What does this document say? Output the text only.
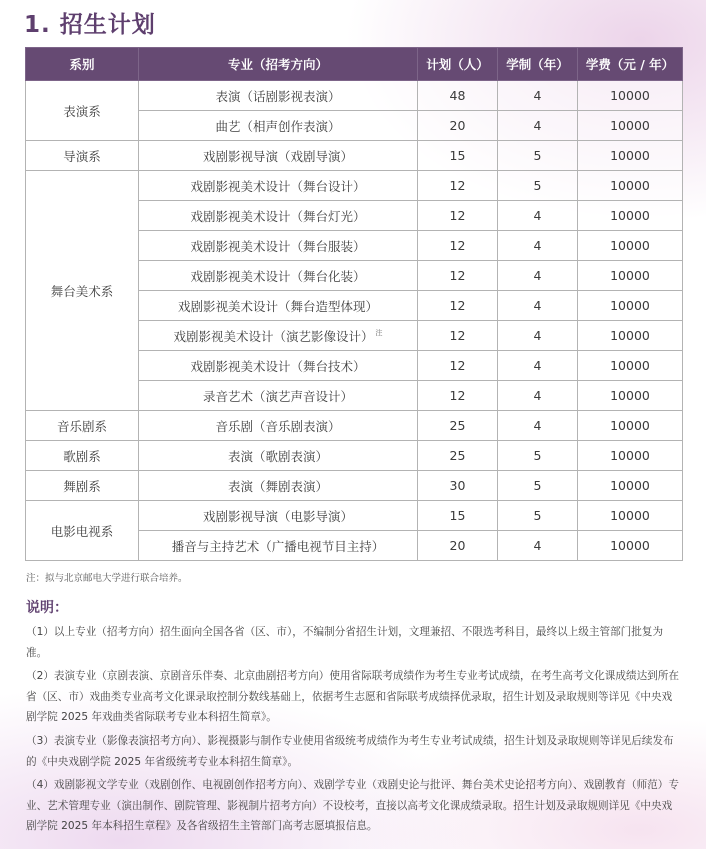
1. 招生计划
系别	专业（招考方向）	计划（人）	学制（年）	学费（元 / 年）
表演系	表演（话剧影视表演）	48	4	10000
	曲艺（相声创作表演）	20	4	10000
导演系	戏剧影视导演（戏剧导演）	15	5	10000
舞台美术系	戏剧影视美术设计（舞台设计）	12	5	10000
	戏剧影视美术设计（舞台灯光）	12	4	10000
	戏剧影视美术设计（舞台服装）	12	4	10000
	戏剧影视美术设计（舞台化装）	12	4	10000
	戏剧影视美术设计（舞台造型体现）	12	4	10000
	戏剧影视美术设计（演艺影像设计） $^注$	12	4	10000
	戏剧影视美术设计（舞台技术）	12	4	10000
	录音艺术（演艺声音设计）	12	4	10000
音乐剧系	音乐剧（音乐剧表演）	25	4	10000
歌剧系	表演（歌剧表演）	25	5	10000
舞剧系	表演（舞剧表演）	30	5	10000
电影电视系	戏剧影视导演（电影导演）	15	5	10000
	播音与主持艺术（广播电视节目主持）	20	4	10000
注：拟与北京邮电大学进行联合培养。
说明：
（1）以上专业（招考方向）招生面向全国各省（区、市），不编制分省招生计划，文理兼招、不限选考科目，最终以上级主管部门批复为准。
（2）表演专业（京剧表演、京剧音乐伴奏、北京曲剧招考方向）使用省际联考成绩作为考生专业考试成绩，在考生高考文化课成绩达到所在省（区、市）戏曲类专业高考文化课录取控制分数线基础上，依据考生志愿和省际联考成绩择优录取，招生计划及录取规则等详见《中央戏剧学院 2025 年戏曲类省际联考专业本科招生简章》。
（3）表演专业（影像表演招考方向）、影视摄影与制作专业使用省级统考成绩作为考生专业考试成绩，招生计划及录取规则等详见后续发布的《中央戏剧学院 2025 年省级统考专业本科招生简章》。
（4）戏剧影视文学专业（戏剧创作、电视剧创作招考方向）、戏剧学专业（戏剧史论与批评、舞台美术史论招考方向）、戏剧教育（师范）专业、艺术管理专业（演出制作、剧院管理、影视制片招考方向）不设校考，直接以高考文化课成绩录取。招生计划及录取规则详见《中央戏剧学院 2025 年本科招生章程》及各省级招生主管部门高考志愿填报信息。
